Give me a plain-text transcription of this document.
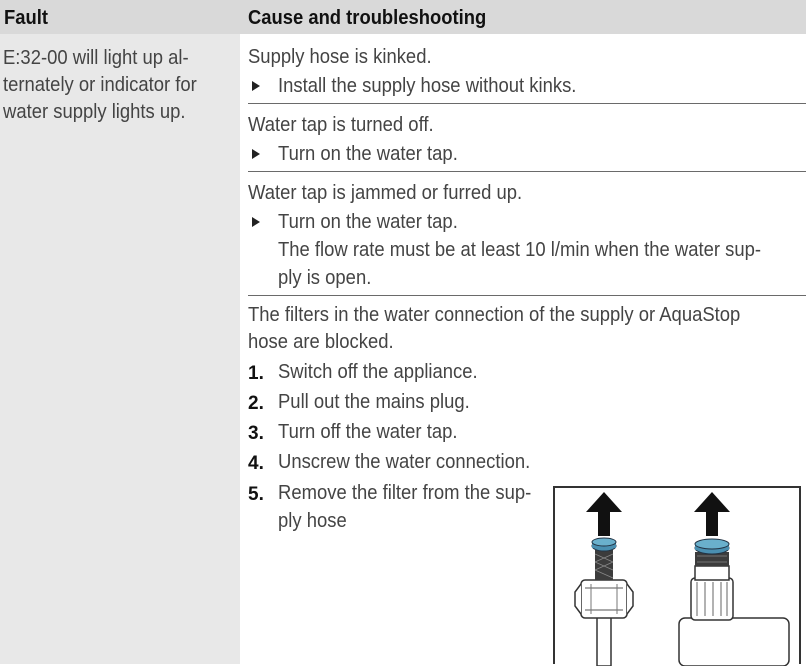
Fault	Cause and troubleshooting
E:32-00 will light up al-
ternately or indicator for
water supply lights up.
Supply hose is kinked.
Install the supply hose without kinks.
Water tap is turned off.
Turn on the water tap.
Water tap is jammed or furred up.
Turn on the water tap.
The flow rate must be at least 10 l/min when the water sup-
ply is open.
The filters in the water connection of the supply or AquaStop
hose are blocked.
1. Switch off the appliance.
2. Pull out the mains plug.
3. Turn off the water tap.
4. Unscrew the water connection.
5. Remove the filter from the sup-
ply hose
